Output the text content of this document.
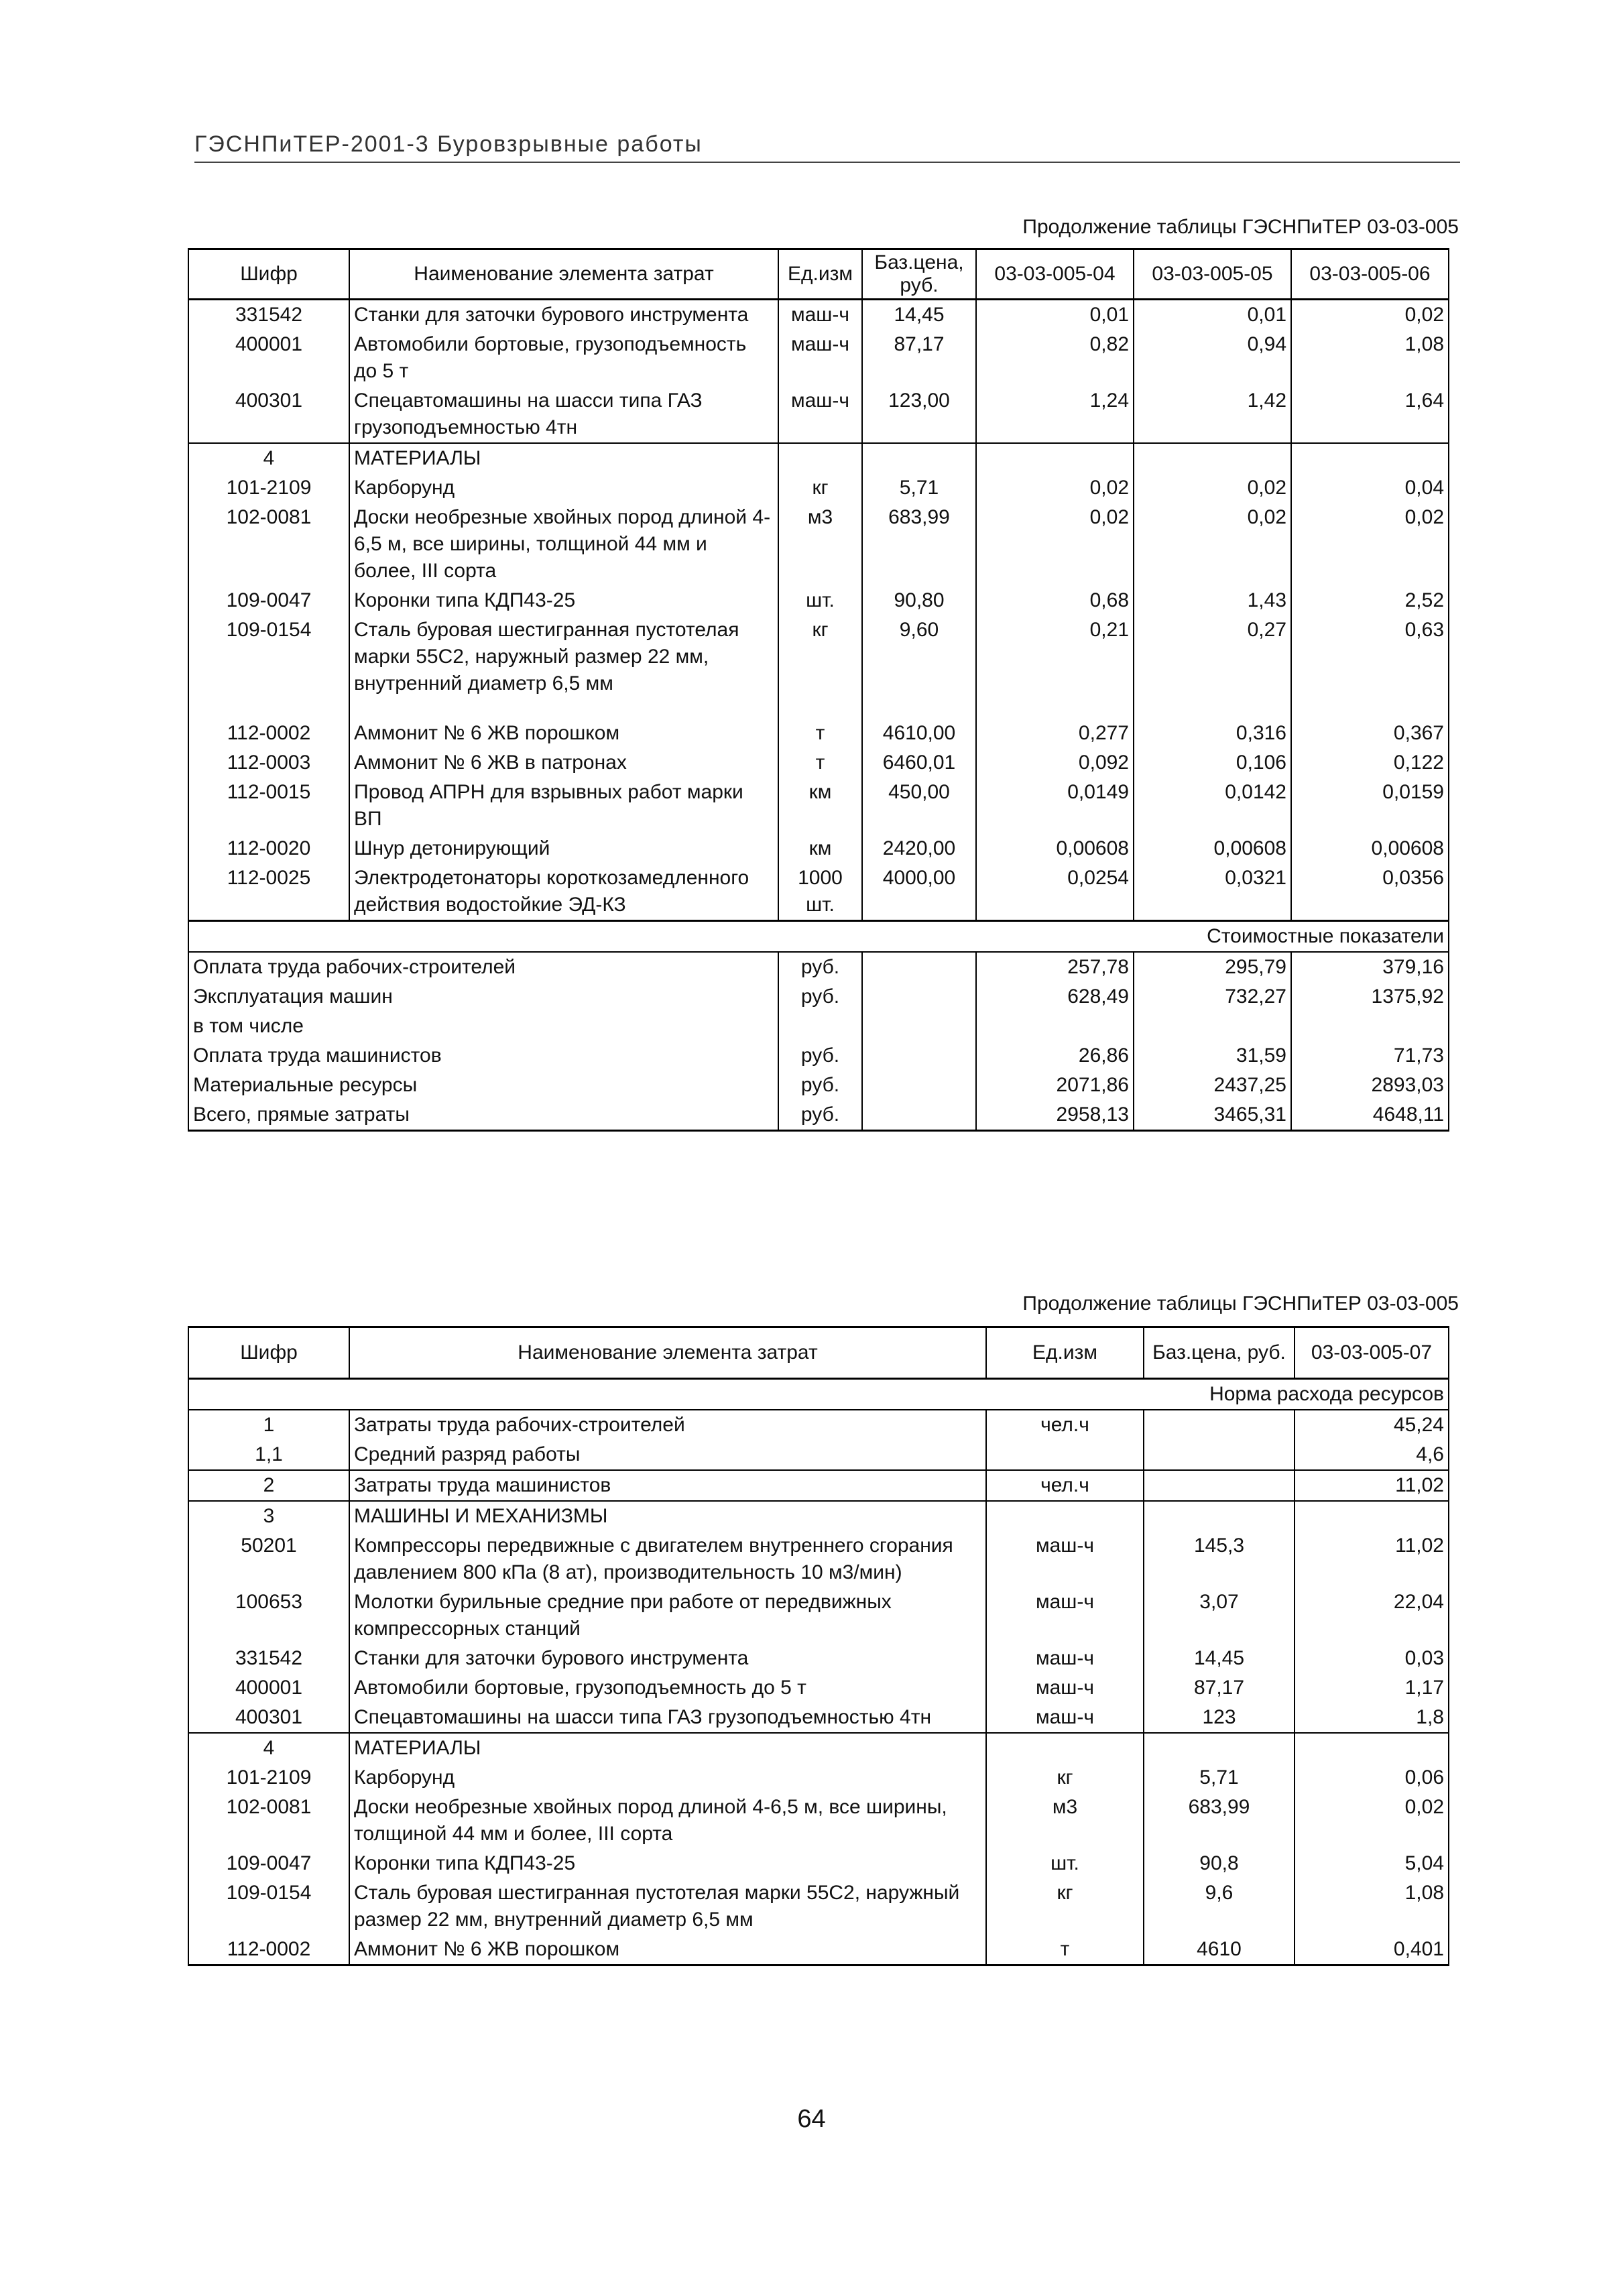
ГЭСНПиТЕР-2001-3 Буровзрывные работы
Продолжение таблицы ГЭСНПиТЕР 03-03-005
Шифр	Наименование элемента затрат	Ед.изм	Баз.цена, руб.	03-03-005-04	03-03-005-05	03-03-005-06
331542	Станки для заточки бурового инструмента	маш-ч	14,45	0,01	0,01	0,02
400001	Автомобили бортовые, грузоподъемность до 5 т	маш-ч	87,17	0,82	0,94	1,08
400301	Спецавтомашины на шасси типа ГАЗ грузоподъемностью 4тн	маш-ч	123,00	1,24	1,42	1,64
4	МАТЕРИАЛЫ					
101-2109	Карборунд	кг	5,71	0,02	0,02	0,04
102-0081	Доски необрезные хвойных пород длиной 4-6,5 м, все ширины, толщиной 44 мм и более, III сорта	м3	683,99	0,02	0,02	0,02
109-0047	Коронки типа КДП43-25	шт.	90,80	0,68	1,43	2,52
109-0154	Сталь буровая шестигранная пустотелая марки 55С2, наружный размер 22 мм, внутренний диаметр 6,5 мм	кг	9,60	0,21	0,27	0,63

112-0002	Аммонит № 6 ЖВ порошком	т	4610,00	0,277	0,316	0,367
112-0003	Аммонит № 6 ЖВ в патронах	т	6460,01	0,092	0,106	0,122
112-0015	Провод АПРН для взрывных работ марки ВП	км	450,00	0,0149	0,0142	0,0159
112-0020	Шнур детонирующий	км	2420,00	0,00608	0,00608	0,00608
112-0025	Электродетонаторы короткозамедленного действия водостойкие ЭД-КЗ	1000 шт.	4000,00	0,0254	0,0321	0,0356
Стоимостные показатели						
Оплата труда рабочих-строителей		руб.		257,78	295,79	379,16
Эксплуатация машин		руб.		628,49	732,27	1375,92
в том числе						
Оплата труда машинистов		руб.		26,86	31,59	71,73
Материальные ресурсы		руб.		2071,86	2437,25	2893,03
Всего, прямые затраты		руб.		2958,13	3465,31	4648,11
Продолжение таблицы ГЭСНПиТЕР 03-03-005
Шифр	Наименование элемента затрат	Ед.изм	Баз.цена, руб.	03-03-005-07
Норма расхода ресурсов				
1	Затраты труда рабочих-строителей	чел.ч		45,24
1,1	Средний разряд работы			4,6
2	Затраты труда машинистов	чел.ч		11,02
3	МАШИНЫ И МЕХАНИЗМЫ			
50201	Компрессоры передвижные с двигателем внутреннего сгорания давлением 800 кПа (8 ат), производительность 10 м3/мин)	маш-ч	145,3	11,02
100653	Молотки бурильные средние при работе от передвижных компрессорных станций	маш-ч	3,07	22,04
331542	Станки для заточки бурового инструмента	маш-ч	14,45	0,03
400001	Автомобили бортовые, грузоподъемность до 5 т	маш-ч	87,17	1,17
400301	Спецавтомашины на шасси типа ГАЗ грузоподъемностью 4тн	маш-ч	123	1,8
4	МАТЕРИАЛЫ			
101-2109	Карборунд	кг	5,71	0,06
102-0081	Доски необрезные хвойных пород длиной 4-6,5 м, все ширины, толщиной 44 мм и более, III сорта	м3	683,99	0,02
109-0047	Коронки типа КДП43-25	шт.	90,8	5,04
109-0154	Сталь буровая шестигранная пустотелая марки 55С2, наружный размер 22 мм, внутренний диаметр 6,5 мм	кг	9,6	1,08
112-0002	Аммонит № 6 ЖВ порошком	т	4610	0,401
64
